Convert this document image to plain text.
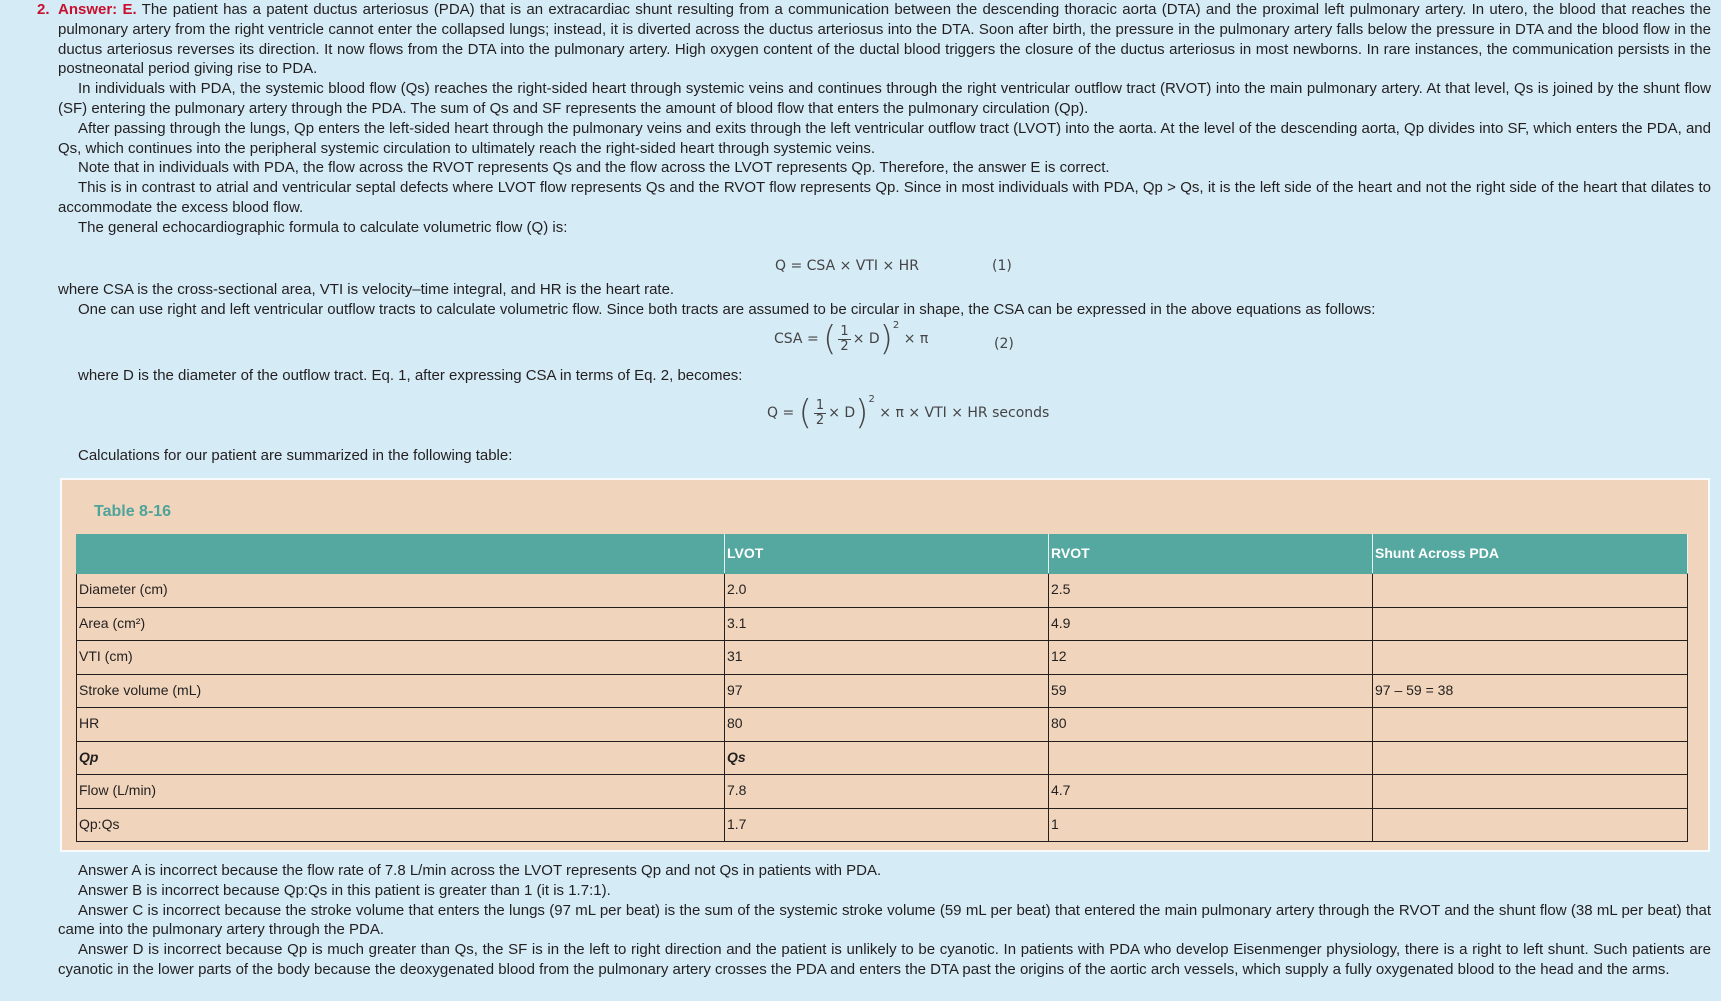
2. Answer: E. The patient has a patent ductus arteriosus (PDA) that is an extracardiac shunt resulting from a communication between the descending thoracic aorta (DTA) and the proximal left pulmonary artery. In utero, the blood that reaches the pulmonary artery from the right ventricle cannot enter the collapsed lungs; instead, it is diverted across the ductus arteriosus into the DTA. Soon after birth, the pressure in the pulmonary artery falls below the pressure in DTA and the blood flow in the ductus arteriosus reverses its direction. It now flows from the DTA into the pulmonary artery. High oxygen content of the ductal blood triggers the closure of the ductus arteriosus in most newborns. In rare instances, the communication persists in the postneonatal period giving rise to PDA.

In individuals with PDA, the systemic blood flow (Qs) reaches the right-sided heart through systemic veins and continues through the right ventricular outflow tract (RVOT) into the main pulmonary artery. At that level, Qs is joined by the shunt flow (SF) entering the pulmonary artery through the PDA. The sum of Qs and SF represents the amount of blood flow that enters the pulmonary circulation (Qp).

After passing through the lungs, Qp enters the left-sided heart through the pulmonary veins and exits through the left ventricular outflow tract (LVOT) into the aorta. At the level of the descending aorta, Qp divides into SF, which enters the PDA, and Qs, which continues into the peripheral systemic circulation to ultimately reach the right-sided heart through systemic veins.

Note that in individuals with PDA, the flow across the RVOT represents Qs and the flow across the LVOT represents Qp. Therefore, the answer E is correct.

This is in contrast to atrial and ventricular septal defects where LVOT flow represents Qs and the RVOT flow represents Qp. Since in most individuals with PDA, Qp > Qs, it is the left side of the heart and not the right side of the heart that dilates to accommodate the excess blood flow.

The general echocardiographic formula to calculate volumetric flow (Q) is:

Q = CSA × VTI × HR	(1)

where CSA is the cross-sectional area, VTI is velocity–time integral, and HR is the heart rate.

One can use right and left ventricular outflow tracts to calculate volumetric flow. Since both tracts are assumed to be circular in shape, the CSA can be expressed in the above equations as follows:

CSA = ( $\frac{1}{2} \times D)^2 \times \pi$	(2)

where D is the diameter of the outflow tract. Eq. 1, after expressing CSA in terms of Eq. 2, becomes:

Q = ( $\frac{1}{2} \times D)^2 \times \pi$ × VTI × HR seconds

Calculations for our patient are summarized in the following table:

Table 8-16
	LVOT	RVOT	Shunt Across PDA
Diameter (cm)	2.0	2.5	
Area (cm²)	3.1	4.9	
VTI (cm)	31	12	
Stroke volume (mL)	97	59	97 – 59 = 38
HR	80	80	
Qp	Qs		
Flow (L/min)	7.8	4.7	
Qp:Qs	1.7	1	

Answer A is incorrect because the flow rate of 7.8 L/min across the LVOT represents Qp and not Qs in patients with PDA.

Answer B is incorrect because Qp:Qs in this patient is greater than 1 (it is 1.7:1).

Answer C is incorrect because the stroke volume that enters the lungs (97 mL per beat) is the sum of the systemic stroke volume (59 mL per beat) that entered the main pulmonary artery through the RVOT and the shunt flow (38 mL per beat) that came into the pulmonary artery through the PDA.

Answer D is incorrect because Qp is much greater than Qs, the SF is in the left to right direction and the patient is unlikely to be cyanotic. In patients with PDA who develop Eisenmenger physiology, there is a right to left shunt. Such patients are cyanotic in the lower parts of the body because the deoxygenated blood from the pulmonary artery crosses the PDA and enters the DTA past the origins of the aortic arch vessels, which supply a fully oxygenated blood to the head and the arms.
